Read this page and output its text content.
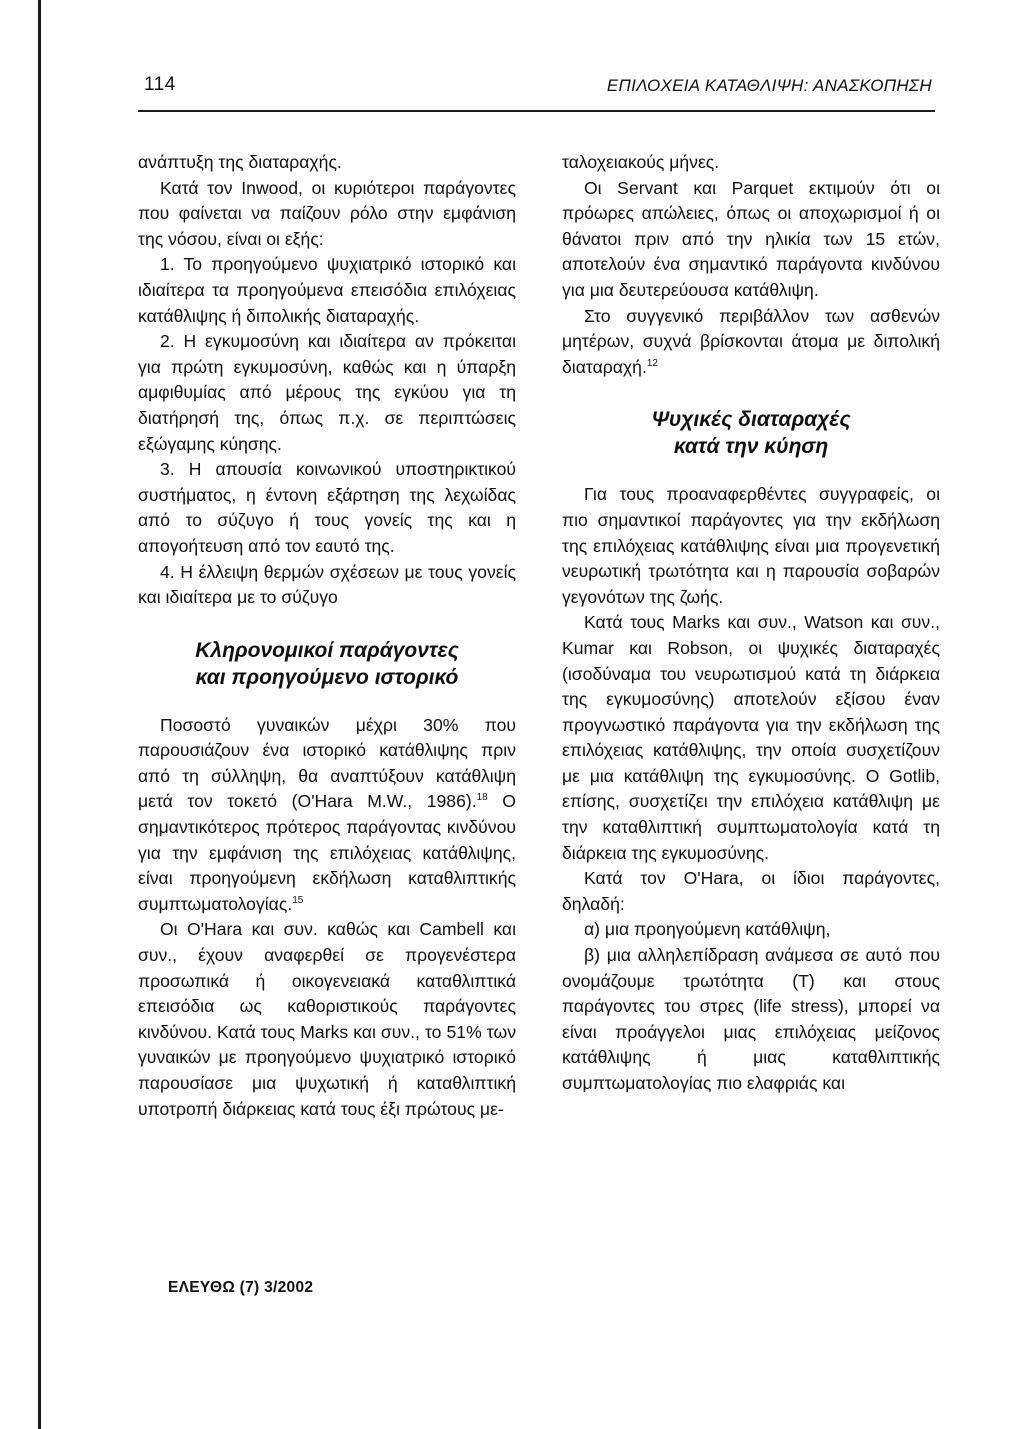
114	ΕΠΙΛΟΧΕΙΑ ΚΑΤΑΘΛΙΨΗ: ΑΝΑΣΚΟΠΗΣΗ

ανάπτυξη της διαταραχής.

Κατά τον Inwood, οι κυριότεροι παράγοντες που φαίνεται να παίζουν ρόλο στην εμφάνιση της νόσου, είναι οι εξής:

1. Το προηγούμενο ψυχιατρικό ιστορικό και ιδιαίτερα τα προηγούμενα επεισόδια επιλόχειας κατάθλιψης ή διπολικής διαταραχής.

2. Η εγκυμοσύνη και ιδιαίτερα αν πρόκειται για πρώτη εγκυμοσύνη, καθώς και η ύπαρξη αμφιθυμίας από μέρους της εγκύου για τη διατήρησή της, όπως π.χ. σε περιπτώσεις εξώγαμης κύησης.

3. Η απουσία κοινωνικού υποστηρικτικού συστήματος, η έντονη εξάρτηση της λεχωίδας από το σύζυγο ή τους γονείς της και η απογοήτευση από τον εαυτό της.

4. Η έλλειψη θερμών σχέσεων με τους γονείς και ιδιαίτερα με το σύζυγο

Κληρονομικοί παράγοντες
και προηγούμενο ιστορικό

Ποσοστό γυναικών μέχρι 30% που παρουσιάζουν ένα ιστορικό κατάθλιψης πριν από τη σύλληψη, θα αναπτύξουν κατάθλιψη μετά τον τοκετό (O'Hara M.W., 1986).$^{18}$ Ο σημαντικότερος πρότερος παράγοντας κινδύνου για την εμφάνιση της επιλόχειας κατάθλιψης, είναι προηγούμενη εκδήλωση καταθλιπτικής συμπτωματολογίας.$^{15}$

Οι O'Hara και συν. καθώς και Cambell και συν., έχουν αναφερθεί σε προγενέστερα προσωπικά ή οικογενειακά καταθλιπτικά επεισόδια ως καθοριστικούς παράγοντες κινδύνου. Κατά τους Marks και συν., το 51% των γυναικών με προηγούμενο ψυχιατρικό ιστορικό παρουσίασε μια ψυχωτική ή καταθλιπτική υποτροπή διάρκειας κατά τους έξι πρώτους με-

ταλοχειακούς μήνες.

Οι Servant και Parquet εκτιμούν ότι οι πρόωρες απώλειες, όπως οι αποχωρισμοί ή οι θάνατοι πριν από την ηλικία των 15 ετών, αποτελούν ένα σημαντικό παράγοντα κινδύνου για μια δευτερεύουσα κατάθλιψη.

Στο συγγενικό περιβάλλον των ασθενών μητέρων, συχνά βρίσκονται άτομα με διπολική διαταραχή.$^{12}$

Ψυχικές διαταραχές
κατά την κύηση

Για τους προαναφερθέντες συγγραφείς, οι πιο σημαντικοί παράγοντες για την εκδήλωση της επιλόχειας κατάθλιψης είναι μια προγενετική νευρωτική τρωτότητα και η παρουσία σοβαρών γεγονότων της ζωής.

Κατά τους Marks και συν., Watson και συν., Kumar και Robson, οι ψυχικές διαταραχές (ισοδύναμα του νευρωτισμού κατά τη διάρκεια της εγκυμοσύνης) αποτελούν εξίσου έναν προγνωστικό παράγοντα για την εκδήλωση της επιλόχειας κατάθλιψης, την οποία συσχετίζουν με μια κατάθλιψη της εγκυμοσύνης. Ο Gotlib, επίσης, συσχετίζει την επιλόχεια κατάθλιψη με την καταθλιπτική συμπτωματολογία κατά τη διάρκεια της εγκυμοσύνης.

Κατά τον O'Hara, οι ίδιοι παράγοντες, δηλαδή:

α) μια προηγούμενη κατάθλιψη,

β) μια αλληλεπίδραση ανάμεσα σε αυτό που ονομάζουμε τρωτότητα (Τ) και στους παράγοντες του στρες (life stress), μπορεί να είναι προάγγελοι μιας επιλόχειας μείζονος κατάθλιψης ή μιας καταθλιπτικής συμπτωματολογίας πιο ελαφριάς και

ΕΛΕΥΘΩ (7) 3/2002
